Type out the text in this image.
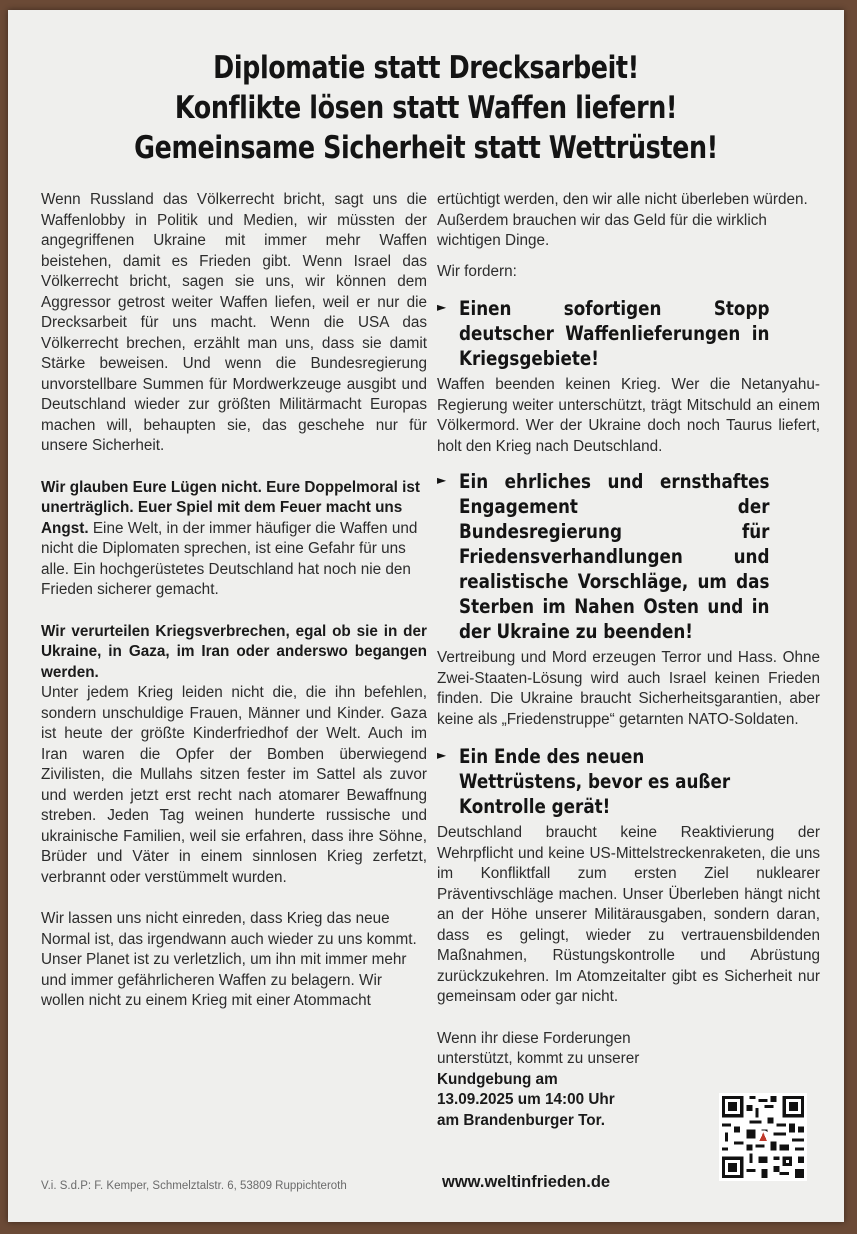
Diplomatie statt Drecksarbeit!
Konflikte lösen statt Waffen liefern!
Gemeinsame Sicherheit statt Wettrüsten!

Wenn Russland das Völkerrecht bricht, sagt uns die Waffenlobby in Politik und Medien, wir müssten der angegriffenen Ukraine mit immer mehr Waffen beistehen, damit es Frieden gibt. Wenn Israel das Völkerrecht bricht, sagen sie uns, wir können dem Aggressor getrost weiter Waffen liefen, weil er nur die Drecksarbeit für uns macht. Wenn die USA das Völkerrecht brechen, erzählt man uns, dass sie damit Stärke beweisen. Und wenn die Bundesregierung unvorstellbare Summen für Mordwerkzeuge ausgibt und Deutschland wieder zur größten Militärmacht Europas machen will, behaupten sie, das geschehe nur für unsere Sicherheit.

Wir glauben Eure Lügen nicht. Eure Doppelmoral ist unerträglich. Euer Spiel mit dem Feuer macht uns Angst. Eine Welt, in der immer häufiger die Waffen und nicht die Diplomaten sprechen, ist eine Gefahr für uns alle. Ein hochgerüstetes Deutschland hat noch nie den Frieden sicherer gemacht.

Wir verurteilen Kriegsverbrechen, egal ob sie in der Ukraine, in Gaza, im Iran oder anderswo begangen werden.

Unter jedem Krieg leiden nicht die, die ihn befehlen, sondern unschuldige Frauen, Männer und Kinder. Gaza ist heute der größte Kinderfriedhof der Welt. Auch im Iran waren die Opfer der Bomben überwiegend Zivilisten, die Mullahs sitzen fester im Sattel als zuvor und werden jetzt erst recht nach atomarer Bewaffnung streben. Jeden Tag weinen hunderte russische und ukrainische Familien, weil sie erfahren, dass ihre Söhne, Brüder und Väter in einem sinnlosen Krieg zerfetzt, verbrannt oder verstümmelt wurden.

Wir lassen uns nicht einreden, dass Krieg das neue Normal ist, das irgendwann auch wieder zu uns kommt. Unser Planet ist zu verletzlich, um ihn mit immer mehr und immer gefährlicheren Waffen zu belagern. Wir wollen nicht zu einem Krieg mit einer Atommacht

ertüchtigt werden, den wir alle nicht überleben würden. Außerdem brauchen wir das Geld für die wirklich wichtigen Dinge.

Wir fordern:

► Einen sofortigen Stopp deutscher Waffenlieferungen in Kriegsgebiete!

Waffen beenden keinen Krieg. Wer die Netanyahu-Regierung weiter unterschützt, trägt Mitschuld an einem Völkermord. Wer der Ukraine doch noch Taurus liefert, holt den Krieg nach Deutschland.

► Ein ehrliches und ernsthaftes Engagement der Bundesregierung für Friedensverhandlungen und realistische Vorschläge, um das Sterben im Nahen Osten und in der Ukraine zu beenden!

Vertreibung und Mord erzeugen Terror und Hass. Ohne Zwei-Staaten-Lösung wird auch Israel keinen Frieden finden. Die Ukraine braucht Sicherheitsgarantien, aber keine als „Friedenstruppe“ getarnten NATO-Soldaten.

► Ein Ende des neuen Wettrüstens, bevor es außer Kontrolle gerät!

Deutschland braucht keine Reaktivierung der Wehrpflicht und keine US-Mittelstreckenraketen, die uns im Konfliktfall zum ersten Ziel nuklearer Präventivschläge machen. Unser Überleben hängt nicht an der Höhe unserer Militärausgaben, sondern daran, dass es gelingt, wieder zu vertrauensbildenden Maßnahmen, Rüstungskontrolle und Abrüstung zurückzukehren. Im Atomzeitalter gibt es Sicherheit nur gemeinsam oder gar nicht.

Wenn ihr diese Forderungen

unterstützt, kommt zu unserer

Kundgebung am

13.09.2025 um 14:00 Uhr

am Brandenburger Tor.

V.i. S.d.P: F. Kemper, Schmelztalstr. 6, 53809 Ruppichteroth	www.weltinfrieden.de
